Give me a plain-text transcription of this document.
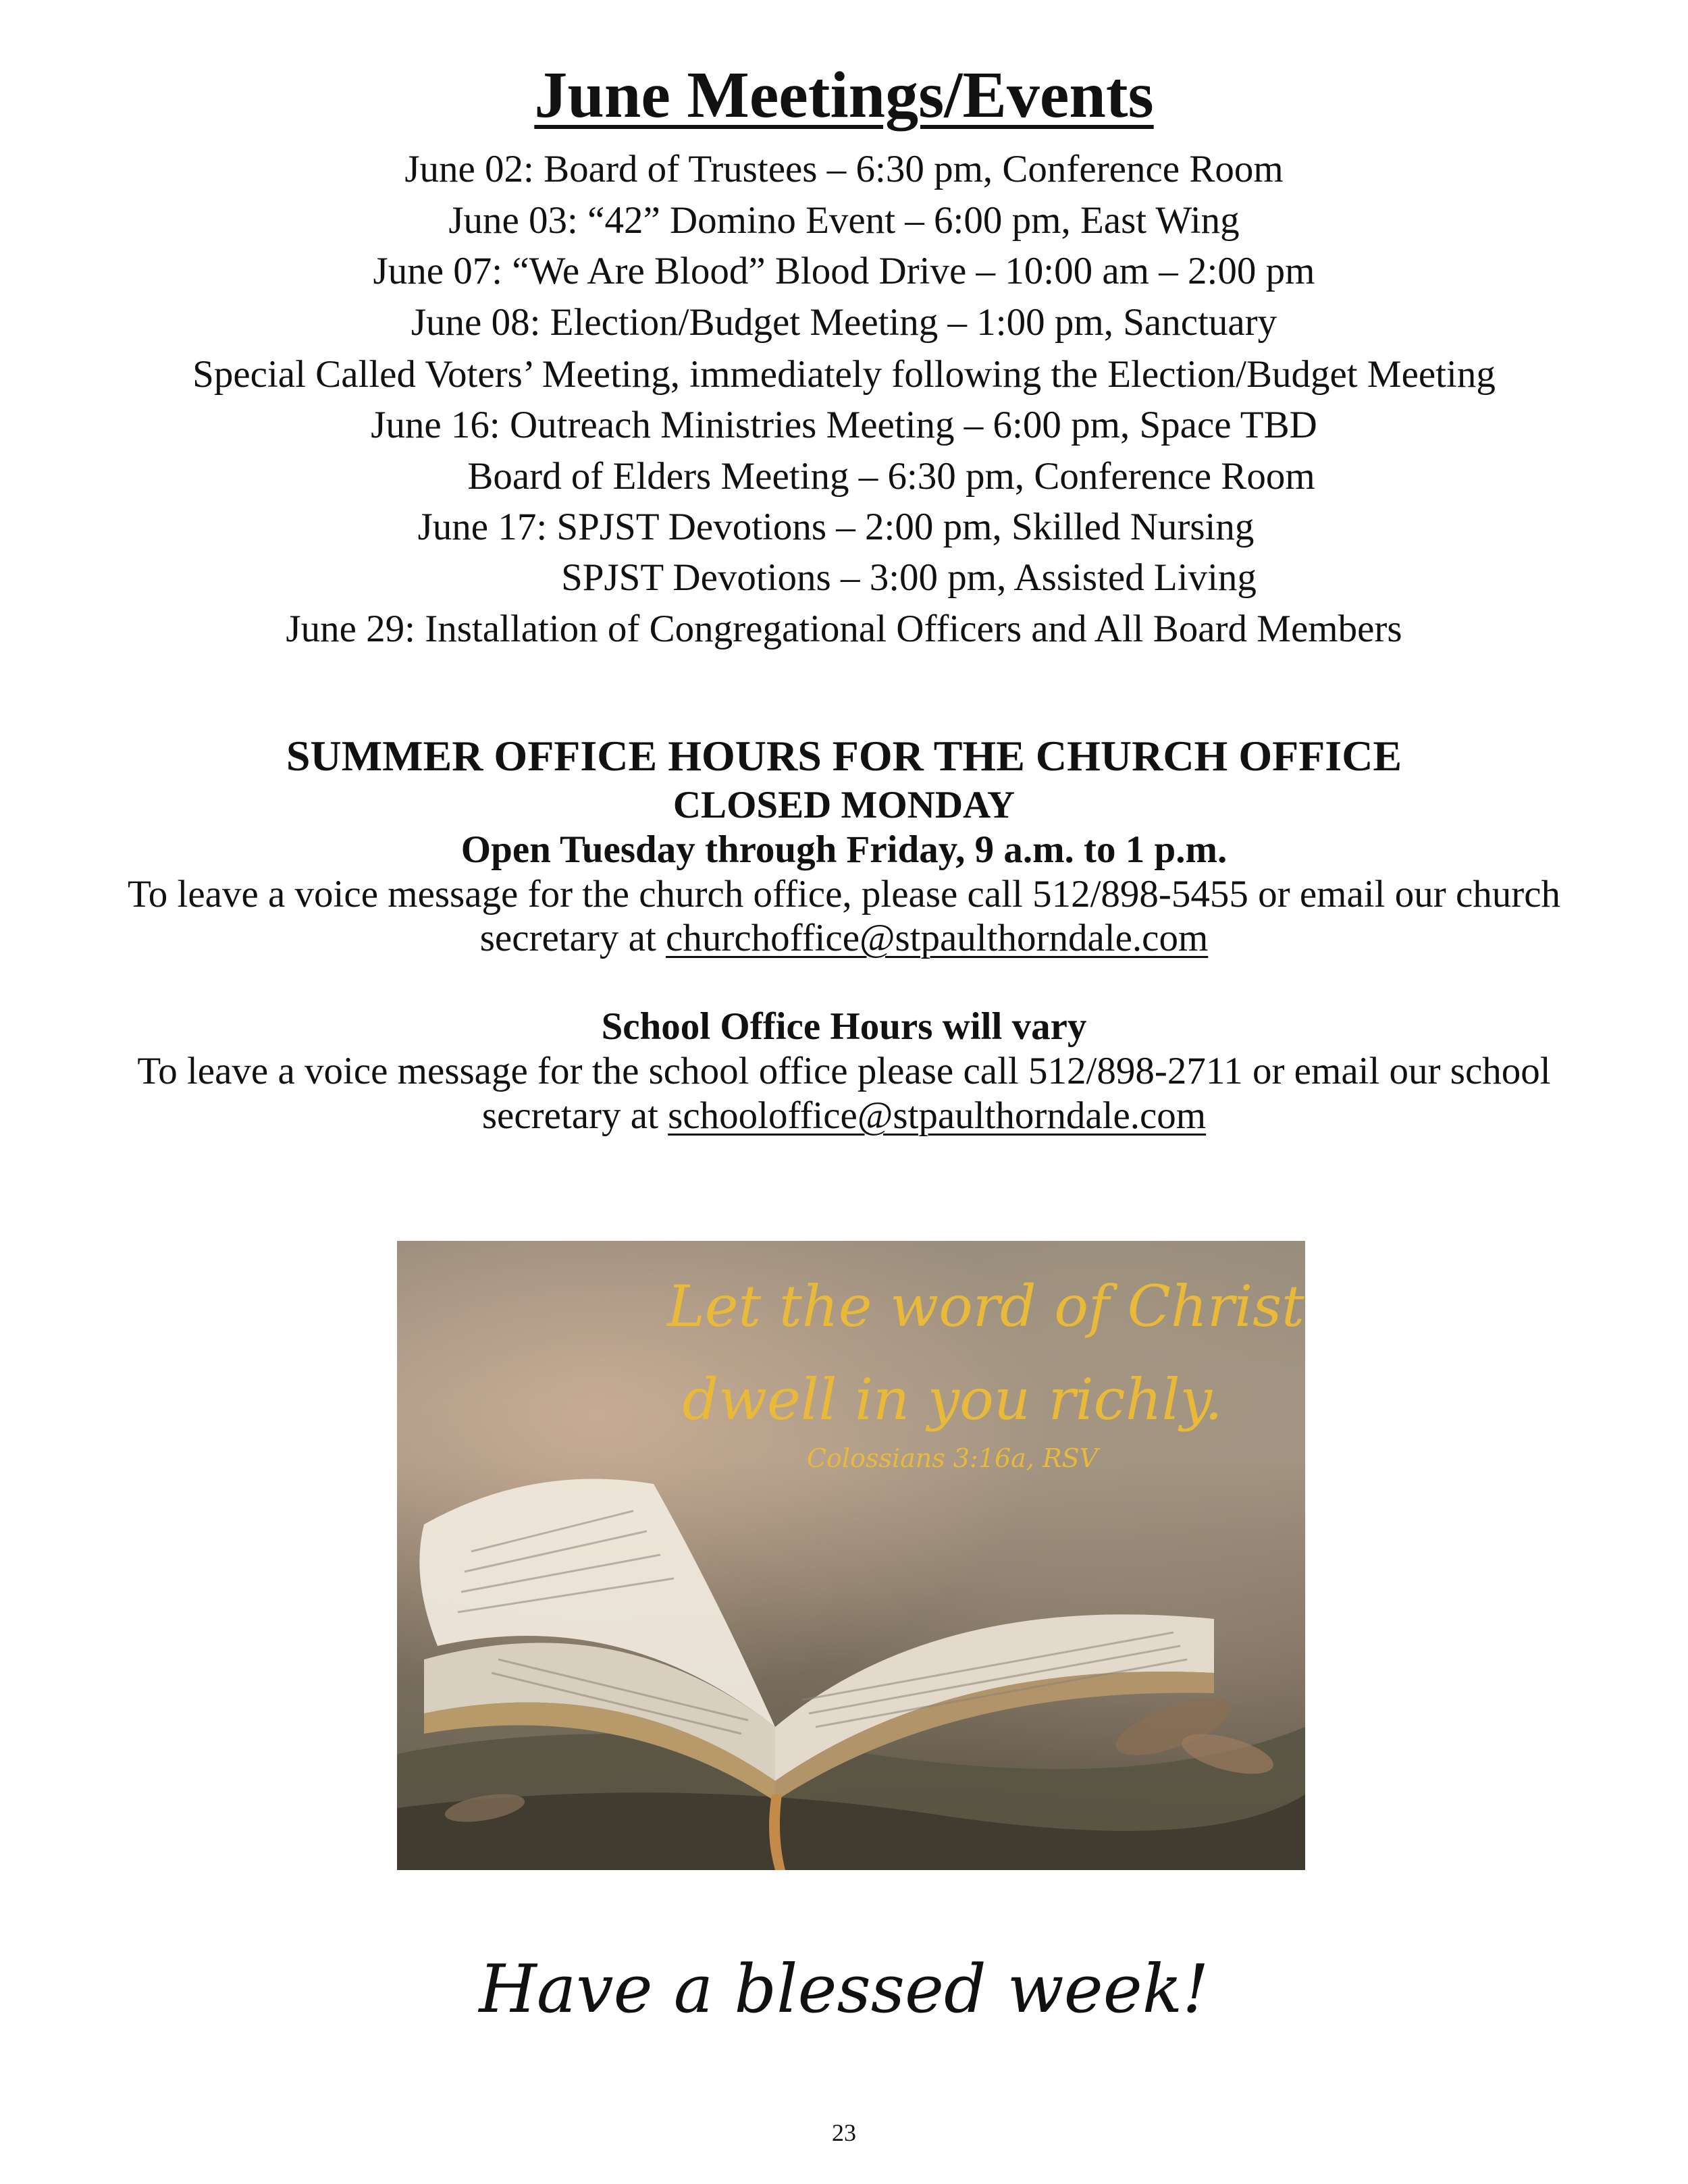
June Meetings/Events
June 02: Board of Trustees – 6:30 pm, Conference Room
June 03: “42” Domino Event – 6:00 pm, East Wing
June 07: “We Are Blood” Blood Drive – 10:00 am – 2:00 pm
June 08: Election/Budget Meeting – 1:00 pm, Sanctuary
Special Called Voters’ Meeting, immediately following the Election/Budget Meeting
June 16: Outreach Ministries Meeting – 6:00 pm, Space TBD
Board of Elders Meeting – 6:30 pm, Conference Room
June 17: SPJST Devotions – 2:00 pm, Skilled Nursing
SPJST Devotions – 3:00 pm, Assisted Living
June 29: Installation of Congregational Officers and All Board Members
SUMMER OFFICE HOURS FOR THE CHURCH OFFICE
CLOSED MONDAY
Open Tuesday through Friday, 9 a.m. to 1 p.m.
To leave a voice message for the church office, please call 512/898-5455 or email our church
secretary at churchoffice@stpaulthorndale.com
School Office Hours will vary
To leave a voice message for the school office please call 512/898-2711 or email our school
secretary at schooloffice@stpaulthorndale.com
Let the word of Christ
dwell in you richly.
Colossians 3:16a, RSV
Have a blessed week!
23
